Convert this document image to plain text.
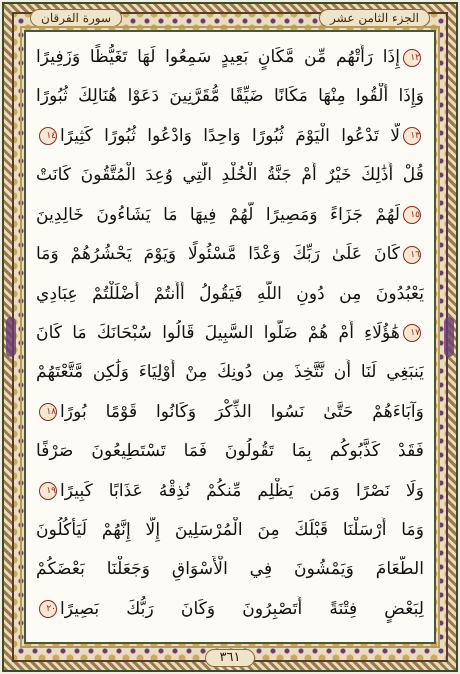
الجزء الثامن عشر
سورة الفرقان
١٢إِذَا رَأَتْهُم مِّن مَّكَانٍ بَعِيدٍ سَمِعُوا لَهَا تَغَيُّظًا وَزَفِيرًا
وَإِذَا أُلْقُوا مِنْهَا مَكَانًا ضَيِّقًا مُّقَرَّنِينَ دَعَوْا هُنَالِكَ ثُبُورًا
١٣لَّا تَدْعُوا الْيَوْمَ ثُبُورًا وَاحِدًا وَادْعُوا ثُبُورًا كَثِيرًا١٤
قُلْ أَذَٰلِكَ خَيْرٌ أَمْ جَنَّةُ الْخُلْدِ الَّتِي وُعِدَ الْمُتَّقُونَ كَانَتْ
١٥لَهُمْ جَزَاءً وَمَصِيرًا لَّهُمْ فِيهَا مَا يَشَاءُونَ خَالِدِينَ
١٦كَانَ عَلَىٰ رَبِّكَ وَعْدًا مَّسْئُولًا وَيَوْمَ يَحْشُرُهُمْ وَمَا
يَعْبُدُونَ مِن دُونِ اللَّهِ فَيَقُولُ أَأَنتُمْ أَضْلَلْتُمْ عِبَادِي
١٧هَٰؤُلَاءِ أَمْ هُمْ ضَلُّوا السَّبِيلَ قَالُوا سُبْحَانَكَ مَا كَانَ
يَنبَغِي لَنَا أَن نَّتَّخِذَ مِن دُونِكَ مِنْ أَوْلِيَاءَ وَلَٰكِن مَّتَّعْتَهُمْ
وَآبَاءَهُمْ حَتَّىٰ نَسُوا الذِّكْرَ وَكَانُوا قَوْمًا بُورًا١٨
فَقَدْ كَذَّبُوكُم بِمَا تَقُولُونَ فَمَا تَسْتَطِيعُونَ صَرْفًا
وَلَا نَصْرًا وَمَن يَظْلِم مِّنكُمْ نُذِقْهُ عَذَابًا كَبِيرًا١٩
وَمَا أَرْسَلْنَا قَبْلَكَ مِنَ الْمُرْسَلِينَ إِلَّا إِنَّهُمْ لَيَأْكُلُونَ
الطَّعَامَ وَيَمْشُونَ فِي الْأَسْوَاقِ وَجَعَلْنَا بَعْضَكُمْ
لِبَعْضٍ فِتْنَةً أَتَصْبِرُونَ وَكَانَ رَبُّكَ بَصِيرًا٢٠
٣٦١
